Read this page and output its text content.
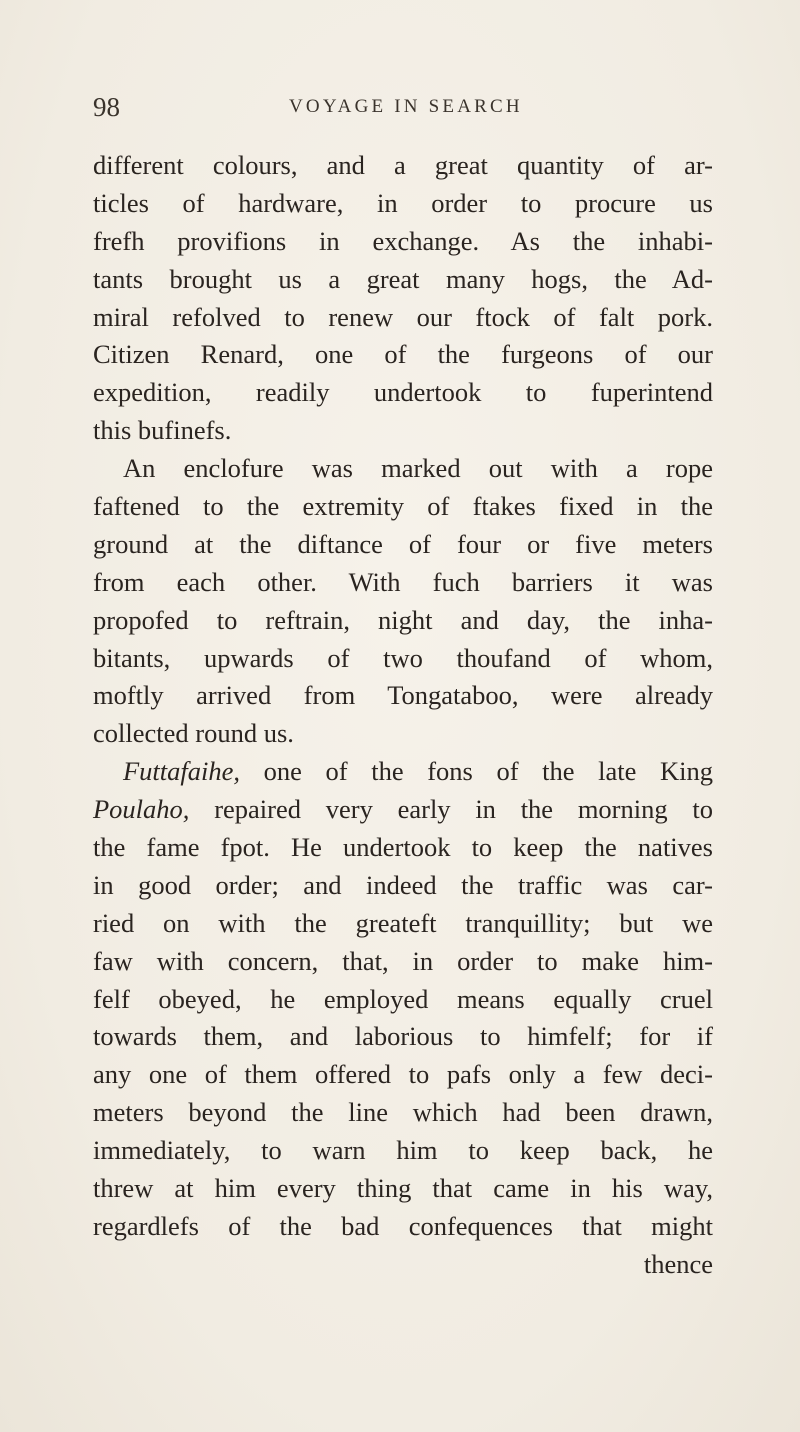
98	VOYAGE IN SEARCH
different colours, and a great quantity of ar-
ticles of hardware, in order to procure us
frefh provifions in exchange. As the inhabi-
tants brought us a great many hogs, the Ad-
miral refolved to renew our ftock of falt pork.
Citizen Renard, one of the furgeons of our
expedition, readily undertook to fuperintend
this bufinefs.
An enclofure was marked out with a rope
faftened to the extremity of ftakes fixed in the
ground at the diftance of four or five meters
from each other. With fuch barriers it was
propofed to reftrain, night and day, the inha-
bitants, upwards of two thoufand of whom,
moftly arrived from Tongataboo, were already
collected round us.
Futtafaihe, one of the fons of the late King
Poulaho, repaired very early in the morning to
the fame fpot. He undertook to keep the natives
in good order; and indeed the traffic was car-
ried on with the greateft tranquillity; but we
faw with concern, that, in order to make him-
felf obeyed, he employed means equally cruel
towards them, and laborious to himfelf; for if
any one of them offered to pafs only a few deci-
meters beyond the line which had been drawn,
immediately, to warn him to keep back, he
threw at him every thing that came in his way,
regardlefs of the bad confequences that might
thence
